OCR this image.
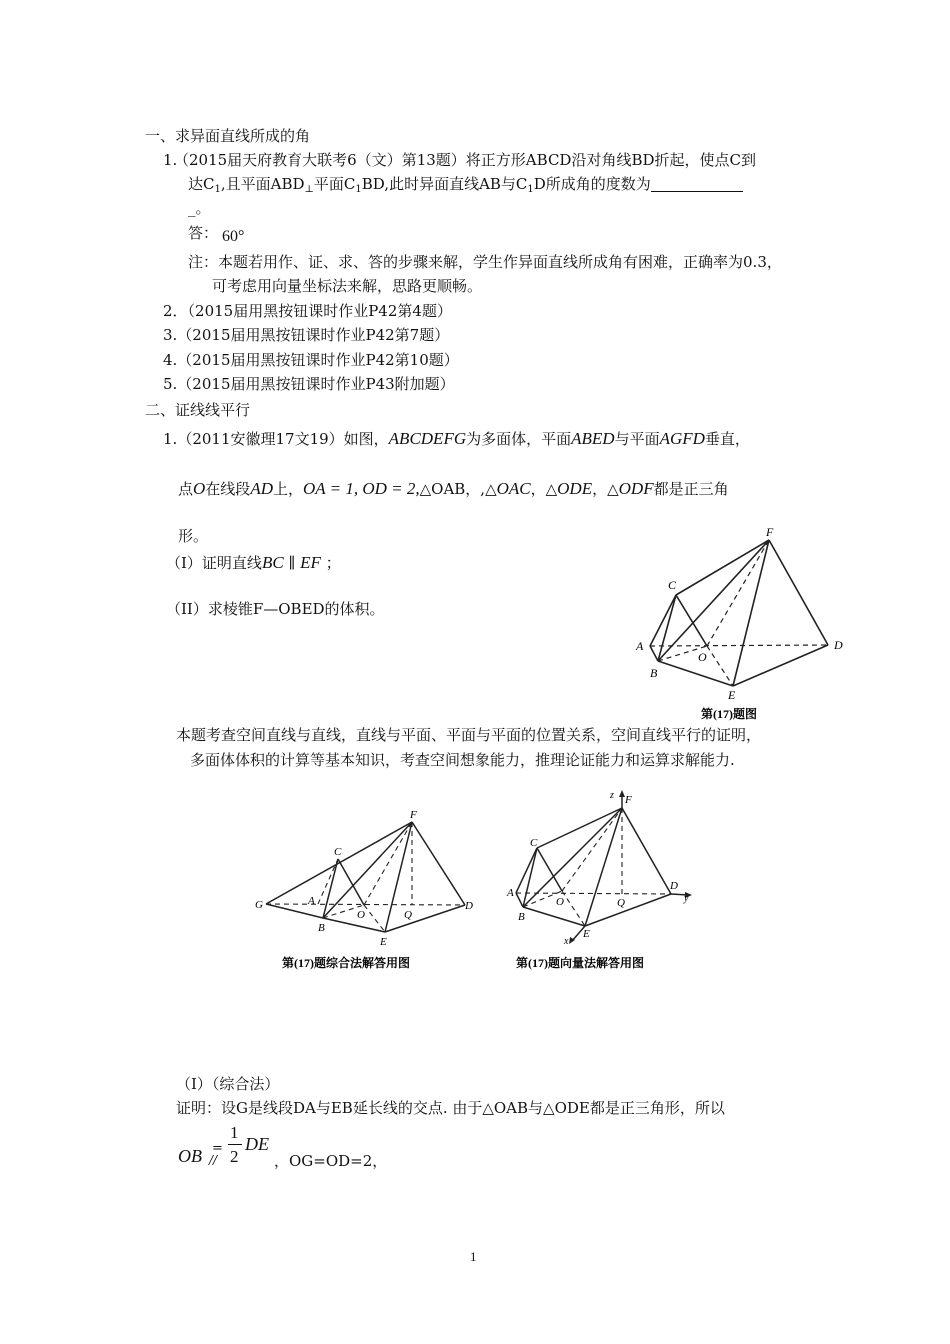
一、求异面直线所成的角
1.
（2015届天府教育大联考6（文）第13题）将正方形ABCD沿对角线BD折起，使点C到
达$C_1$,且平面$ABD_\perp$平面$C_1BD$,此时异面直线AB与$C_1D$所成角的度数为
_。
答： 60°
注：本题若用作、证、求、答的步骤来解，学生作异面直线所成角有困难，正确率为0.3，
可考虑用向量坐标法来解，思路更顺畅。
2．（2015届用黑按钮课时作业P42第4题）
3.（2015届用黑按钮课时作业P42第7题）
4.（2015届用黑按钮课时作业P42第10题）
5.（2015届用黑按钮课时作业P43附加题）
二、证线线平行
1.（2011安徽理17文19）如图，ABCDEFG为多面体，平面ABED与平面AGFD垂直，
点O在线段AD上，OA = 1, OD = 2,△OAB，,△OAC，△ODE，△ODF都是正三角
形。
（Ⅰ）证明直线BC ∥ EF ；
（II）求棱锥F—OBED的体积。
F
C
A
B
O
D
E
第(17)题图
本题考查空间直线与直线，直线与平面、平面与平面的位置关系，空间直线平行的证明，
多面体体积的计算等基本知识，考查空间想象能力，推理论证能力和运算求解能力.
F
C
G	A
B
O	Q
D
E
第(17)题综合法解答用图
z F
C
A
B
O	Q
D
y
E
x
第(17)题向量法解答用图
（I）（综合法）
证明：设G是线段DA与EB延长线的交点. 由于△OAB与△ODE都是正三角形，所以
OB =
//
1
2
DE
，OG=OD=2，
1
